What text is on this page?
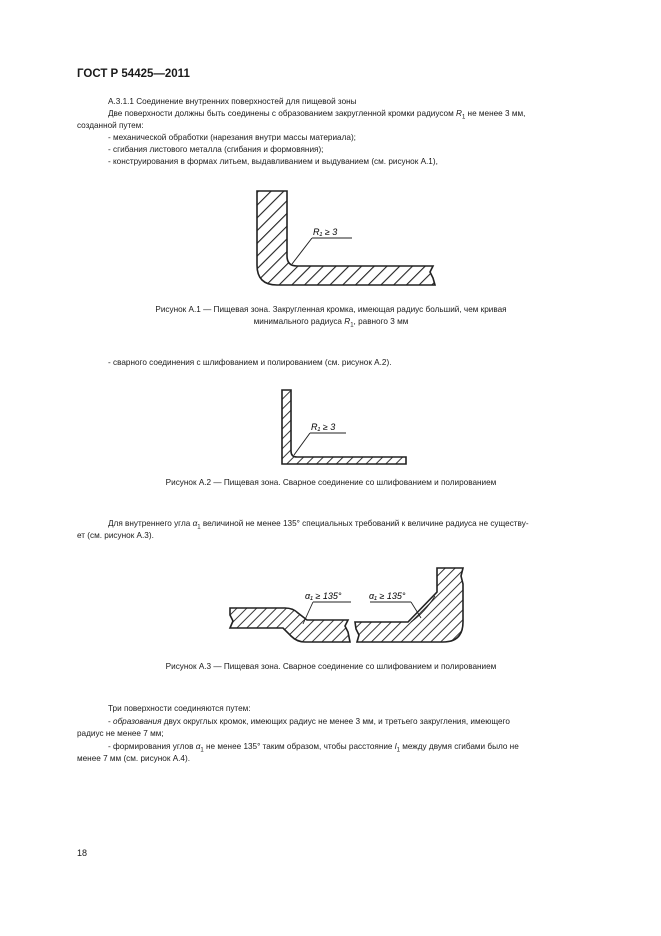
ГОСТ Р 54425—2011
А.3.1.1 Соединение внутренних поверхностей для пищевой зоны
Две поверхности должны быть соединены с образованием закругленной кромки радиусом $R_1$ не менее 3 мм,
созданной путем:
- механической обработки (нарезания внутри массы материала);
- сгибания листового металла (сгибания и формовяния);
- конструирования в формах литьем, выдавливанием и выдуванием (см. рисунок А.1),
R₁ ≥ 3
Рисунок А.1 — Пищевая зона. Закругленная кромка, имеющая радиус больший, чем кривая
минимального радиуса $R_1$, равного 3 мм
- сварного соединения с шлифованием и полированием (см. рисунок А.2).
R₁ ≥ 3
Рисунок А.2 — Пищевая зона. Сварное соединение со шлифованием и полированием
Для внутреннего угла $\alpha_1$ величиной не менее 135° специальных требований к величине радиуса не существу-
ет (см. рисунок А.3).
α₁ ≥ 135°	α₁ ≥ 135°
Рисунок А.3 — Пищевая зона. Сварное соединение со шлифованием и полированием
Три поверхности соединяются путем:
- образования двух округлых кромок, имеющих радиус не менее 3 мм, и третьего закругления, имеющего
радиус не менее 7 мм;
- формирования углов $\alpha_1$ не менее 135° таким образом, чтобы расстояние $l_1$ между двумя сгибами было не
менее 7 мм (см. рисунок А.4).
18
